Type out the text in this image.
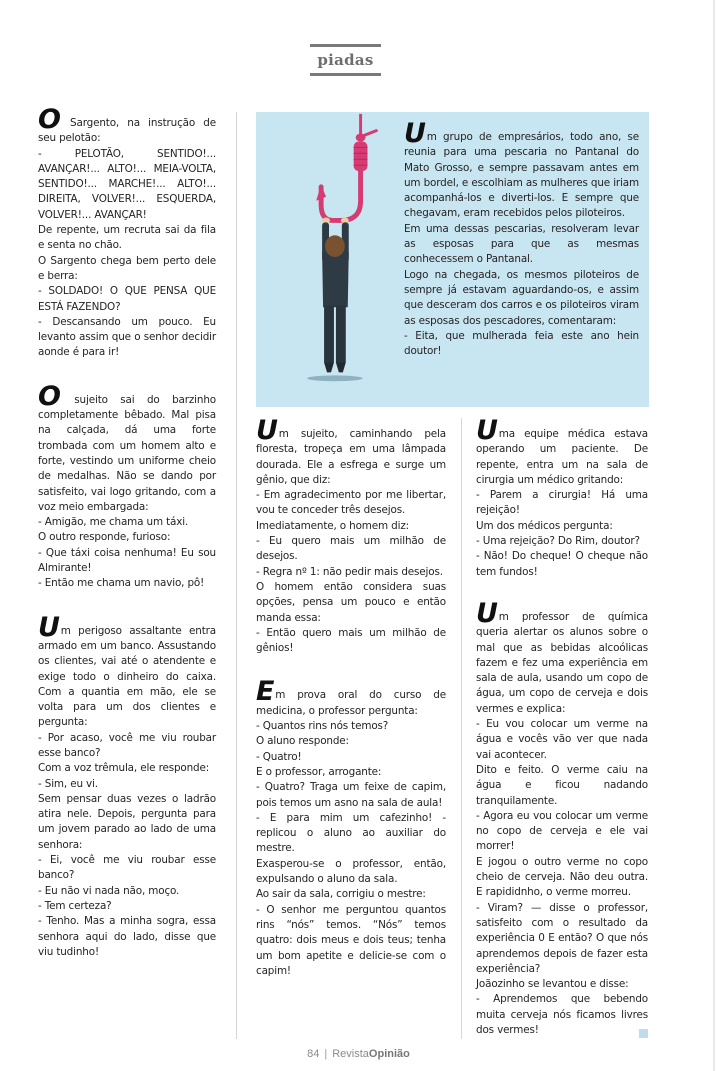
piadas

O Sargento, na instrução de seu pelotão:

- PELOTÃO, SENTIDO!... AVANÇAR!... ALTO!... MEIA-VOLTA, SENTIDO!... MARCHE!... ALTO!... DIREITA, VOLVER!... ESQUERDA, VOLVER!... AVANÇAR!

De repente, um recruta sai da fila e senta no chão.

O Sargento chega bem perto dele e berra:

- SOLDADO! O QUE PENSA QUE ESTÁ FAZENDO?

- Descansando um pouco. Eu levanto assim que o senhor decidir aonde é para ir!

O sujeito sai do barzinho completamente bêbado. Mal pisa na calçada, dá uma forte trombada com um homem alto e forte, vestindo um uniforme cheio de medalhas. Não se dando por satisfeito, vai logo gritando, com a voz meio embargada:

- Amigão, me chama um táxi.

O outro responde, furioso:

- Que táxi coisa nenhuma! Eu sou Almirante!

- Então me chama um navio, pô!

Um perigoso assaltante entra armado em um banco. Assustando os clientes, vai até o atendente e exige todo o dinheiro do caixa. Com a quantia em mão, ele se volta para um dos clientes e pergunta:

- Por acaso, você me viu roubar esse banco?

Com a voz trêmula, ele responde:

- Sim, eu vi.

Sem pensar duas vezes o ladrão atira nele. Depois, pergunta para um jovem parado ao lado de uma senhora:

- Ei, você me viu roubar esse banco?

- Eu não vi nada não, moço.

- Tem certeza?

- Tenho. Mas a minha sogra, essa senhora aqui do lado, disse que viu tudinho!

Um grupo de empresários, todo ano, se reunia para uma pescaria no Pantanal do Mato Grosso, e sempre passavam antes em um bordel, e escolhiam as mulheres que iriam acompanhá-los e diverti-los. E sempre que chegavam, eram recebidos pelos piloteiros.

Em uma dessas pescarias, resolveram levar as esposas para que as mesmas conhecessem o Pantanal.

Logo na chegada, os mesmos piloteiros de sempre já estavam aguardando-os, e assim que desceram dos carros e os piloteiros viram as esposas dos pescadores, comentaram:

- Eita, que mulherada feia este ano hein doutor!

Um sujeito, caminhando pela floresta, tropeça em uma lâmpada dourada. Ele a esfrega e surge um gênio, que diz:

- Em agradecimento por me libertar, vou te conceder três desejos.

Imediatamente, o homem diz:

- Eu quero mais um milhão de desejos.

- Regra nº 1: não pedir mais desejos.

O homem então considera suas opções, pensa um pouco e então manda essa:

- Então quero mais um milhão de gênios!

Em prova oral do curso de medicina, o professor pergunta:

- Quantos rins nós temos?

O aluno responde:

- Quatro!

E o professor, arrogante:

- Quatro? Traga um feixe de capim, pois temos um asno na sala de aula!

- E para mim um cafezinho! - replicou o aluno ao auxiliar do mestre.

Exasperou-se o professor, então, expulsando o aluno da sala.

Ao sair da sala, corrigiu o mestre:

- O senhor me perguntou quantos rins “nós” temos. “Nós” temos quatro: dois meus e dois teus; tenha um bom apetite e delicie-se com o capim!

Uma equipe médica estava operando um paciente. De repente, entra um na sala de cirurgia um médico gritando:

- Parem a cirurgia! Há uma rejeição!

Um dos médicos pergunta:

- Uma rejeição? Do Rim, doutor?

- Não! Do cheque! O cheque não tem fundos!

Um professor de química queria alertar os alunos sobre o mal que as bebidas alcoólicas fazem e fez uma experiência em sala de aula, usando um copo de água, um copo de cerveja e dois vermes e explica:

- Eu vou colocar um verme na água e vocês vão ver que nada vai acontecer.

Dito e feito. O verme caiu na água e ficou nadando tranquilamente.

- Agora eu vou colocar um verme no copo de cerveja e ele vai morrer!

E jogou o outro verme no copo cheio de cerveja. Não deu outra. E rapididnho, o verme morreu.

- Viram? — disse o professor, satisfeito com o resultado da experiência 0 E então? O que nós aprendemos depois de fazer esta experiência?

Joãozinho se levantou e disse:

- Aprendemos que bebendo muita cerveja nós ficamos livres dos vermes!

84 | RevistaOpinião
